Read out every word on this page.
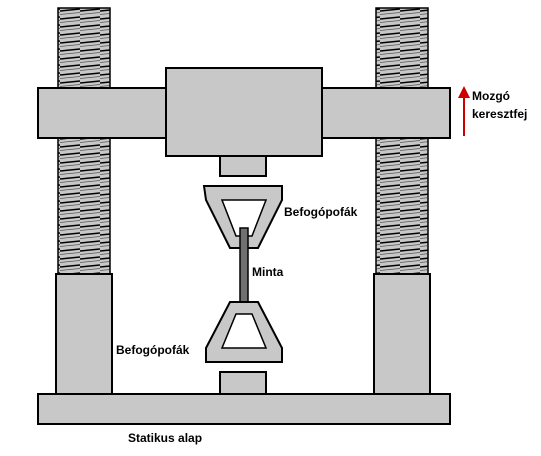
Mozgó
keresztfej
Befogópofák
Minta
Befogópofák
Statikus alap
